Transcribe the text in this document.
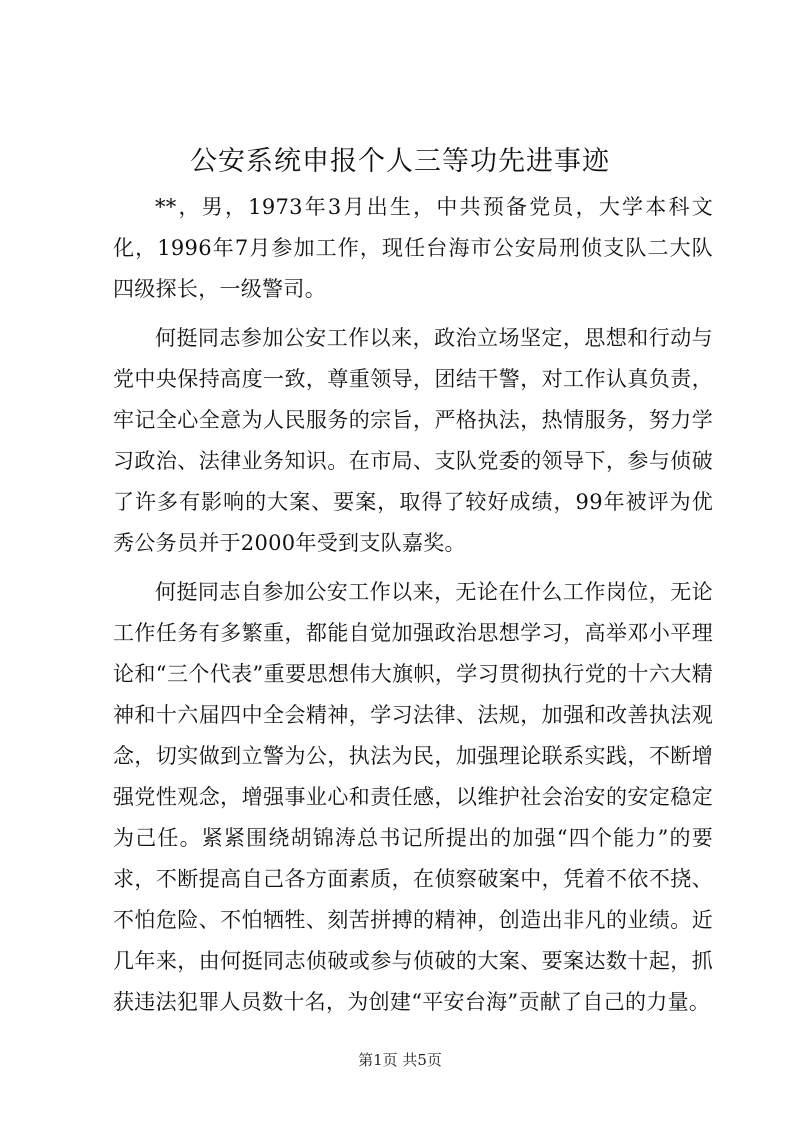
公安系统申报个人三等功先进事迹

**，男，1973年3月出生，中共预备党员，大学本科文化，1996年7月参加工作，现任台海市公安局刑侦支队二大队四级探长，一级警司。

何挺同志参加公安工作以来，政治立场坚定，思想和行动与党中央保持高度一致，尊重领导，团结干警，对工作认真负责，牢记全心全意为人民服务的宗旨，严格执法，热情服务，努力学习政治、法律业务知识。在市局、支队党委的领导下，参与侦破了许多有影响的大案、要案，取得了较好成绩，99年被评为优秀公务员并于2000年受到支队嘉奖。

何挺同志自参加公安工作以来，无论在什么工作岗位，无论工作任务有多繁重，都能自觉加强政治思想学习，高举邓小平理论和“三个代表”重要思想伟大旗帜，学习贯彻执行党的十六大精神和十六届四中全会精神，学习法律、法规，加强和改善执法观念，切实做到立警为公，执法为民，加强理论联系实践，不断增强党性观念，增强事业心和责任感，以维护社会治安的安定稳定为己任。紧紧围绕胡锦涛总书记所提出的加强“四个能力”的要求，不断提高自己各方面素质，在侦察破案中，凭着不依不挠、不怕危险、不怕牺牲、刻苦拼搏的精神，创造出非凡的业绩。近几年来，由何挺同志侦破或参与侦破的大案、要案达数十起，抓获违法犯罪人员数十名，为创建“平安台海”贡献了自己的力量。

第1页 共5页
